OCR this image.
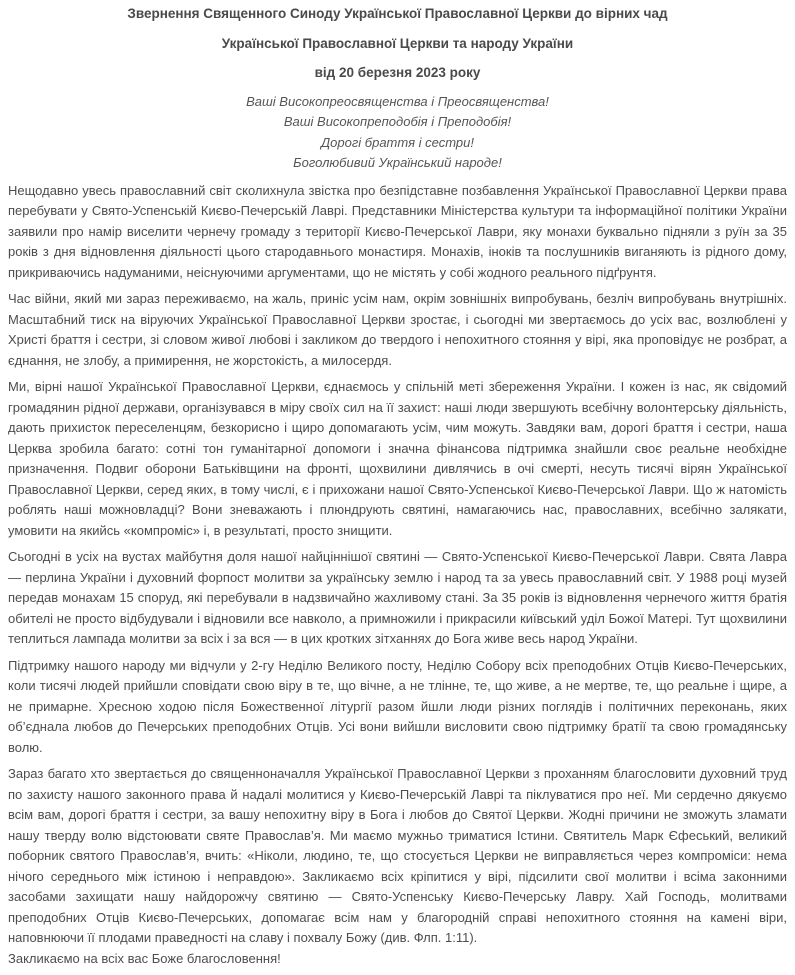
Звернення Священного Синоду Української Православної Церкви до вірних чад

Української Православної Церкви та народу України

від 20 березня 2023 року

Ваші Високопреосвященства і Преосвященства!

Ваші Високопреподобія і Преподобія!

Дорогі браття і сестри!

Боголюбивий Український народе!

Нещодавно увесь православний світ сколихнула звістка про безпідставне позбавлення Української Православної Церкви права перебувати у Свято-Успенській Києво-Печерській Лаврі. Представники Міністерства культури та інформаційної політики України заявили про намір виселити чернечу громаду з території Києво-Печерської Лаври, яку монахи буквально підняли з руїн за 35 років з дня відновлення діяльності цього стародавнього монастиря. Монахів, іноків та послушників виганяють із рідного дому, прикриваючись надуманими, неіснуючими аргументами, що не містять у собі жодного реального підґрунтя.

Час війни, який ми зараз переживаємо, на жаль, приніс усім нам, окрім зовнішніх випробувань, безліч випробувань внутрішніх. Масштабний тиск на віруючих Української Православної Церкви зростає, і сьогодні ми звертаємось до усіх вас, возлюблені у Христі браття і сестри, зі словом живої любові і закликом до твердого і непохитного стояння у вірі, яка проповідує не розбрат, а єднання, не злобу, а примирення, не жорстокість, а милосердя.

Ми, вірні нашої Української Православної Церкви, єднаємось у спільній меті збереження України. І кожен із нас, як свідомий громадянин рідної держави, організувався в міру своїх сил на її захист: наші люди звершують всебічну волонтерську діяльність, дають прихисток переселенцям, безкорисно і щиро допомагають усім, чим можуть. Завдяки вам, дорогі браття і сестри, наша Церква зробила багато: сотні тон гуманітарної допомоги і значна фінансова підтримка знайшли своє реальне необхідне призначення. Подвиг оборони Батьківщини на фронті, щохвилини дивлячись в очі смерті, несуть тисячі вірян Української Православної Церкви, серед яких, в тому числі, є і прихожани нашої Свято-Успенської Києво-Печерської Лаври. Що ж натомість роблять наші можновладці? Вони зневажають і плюндрують святині, намагаючись нас, православних, всебічно залякати, умовити на якийсь «компроміс» і, в результаті, просто знищити.

Сьогодні в усіх на вустах майбутня доля нашої найціннішої святині — Свято-Успенської Києво-Печерської Лаври. Свята Лавра — перлина України і духовний форпост молитви за українську землю і народ та за увесь православний світ. У 1988 році музей передав монахам 15 споруд, які перебували в надзвичайно жахливому стані. За 35 років із відновлення чернечого життя братія обителі не просто відбудували і відновили все навколо, а примножили і прикрасили київський уділ Божої Матері. Тут щохвилини теплиться лампада молитви за всіх і за вся — в цих кротких зітханнях до Бога живе весь народ України.

Підтримку нашого народу ми відчули у 2-гу Неділю Великого посту, Неділю Собору всіх преподобних Отців Києво-Печерських, коли тисячі людей прийшли сповідати свою віру в те, що вічне, а не тлінне, те, що живе, а не мертве, те, що реальне і щире, а не примарне. Хресною ходою після Божественної літургії разом йшли люди різних поглядів і політичних переконань, яких об’єднала любов до Печерських преподобних Отців. Усі вони вийшли висловити свою підтримку братії та свою громадянську волю.

Зараз багато хто звертається до священноначалля Української Православної Церкви з проханням благословити духовний труд по захисту нашого законного права й надалі молитися у Києво-Печерській Лаврі та піклуватися про неї. Ми сердечно дякуємо всім вам, дорогі браття і сестри, за вашу непохитну віру в Бога і любов до Святої Церкви. Жодні причини не зможуть зламати нашу тверду волю відстоювати святе Православ’я. Ми маємо мужньо триматися Істини. Святитель Марк Єфеський, великий поборник святого Православ’я, вчить: «Ніколи, людино, те, що стосується Церкви не виправляється через компроміси: нема нічого середнього між істиною і неправдою». Закликаємо всіх кріпитися у вірі, підсилити свої молитви і всіма законними засобами захищати нашу найдорожчу святиню — Свято-Успенську Києво-Печерську Лавру. Хай Господь, молитвами преподобних Отців Києво-Печерських, допомагає всім нам у благородній справі непохитного стояння на камені віри, наповнюючи її плодами праведності на славу і похвалу Божу (див. Флп. 1:11).

Закликаємо на всіх вас Боже благословення!
